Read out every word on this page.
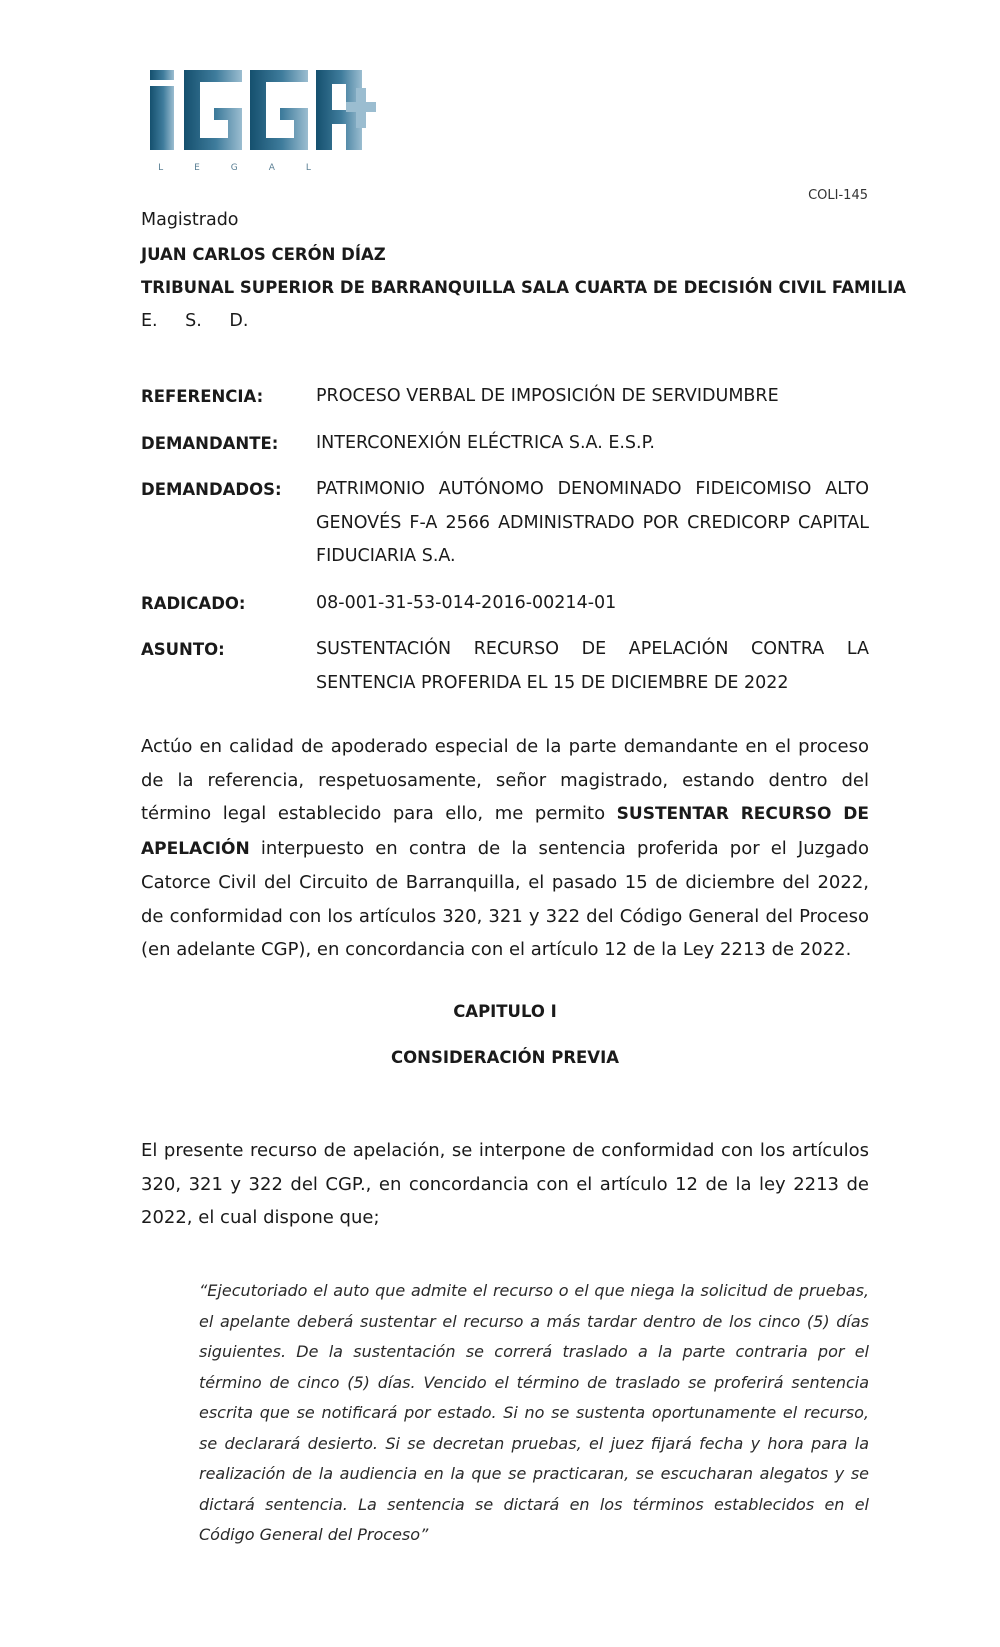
LEGAL
COLI-145
Magistrado
JUAN CARLOS CERÓN DÍAZ
TRIBUNAL SUPERIOR DE BARRANQUILLA SALA CUARTA DE DECISIÓN CIVIL FAMILIA
E. S. D.
REFERENCIA:	PROCESO VERBAL DE IMPOSICIÓN DE SERVIDUMBRE
DEMANDANTE:	INTERCONEXIÓN ELÉCTRICA S.A. E.S.P.
DEMANDADOS:	PATRIMONIO AUTÓNOMO DENOMINADO FIDEICOMISO ALTO GENOVÉS F-A 2566 ADMINISTRADO POR CREDICORP CAPITAL FIDUCIARIA S.A.
RADICADO:	08-001-31-53-014-2016-00214-01
ASUNTO:	SUSTENTACIÓN RECURSO DE APELACIÓN CONTRA LA SENTENCIA PROFERIDA EL 15 DE DICIEMBRE DE 2022
Actúo en calidad de apoderado especial de la parte demandante en el proceso de la referencia, respetuosamente, señor magistrado, estando dentro del término legal establecido para ello, me permito SUSTENTAR RECURSO DE APELACIÓN interpuesto en contra de la sentencia proferida por el Juzgado Catorce Civil del Circuito de Barranquilla, el pasado 15 de diciembre del 2022, de conformidad con los artículos 320, 321 y 322 del Código General del Proceso (en adelante CGP), en concordancia con el artículo 12 de la Ley 2213 de 2022.
CAPITULO I
CONSIDERACIÓN PREVIA
El presente recurso de apelación, se interpone de conformidad con los artículos 320, 321 y 322 del CGP., en concordancia con el artículo 12 de la ley 2213 de 2022, el cual dispone que;
“Ejecutoriado el auto que admite el recurso o el que niega la solicitud de pruebas, el apelante deberá sustentar el recurso a más tardar dentro de los cinco (5) días siguientes. De la sustentación se correrá traslado a la parte contraria por el término de cinco (5) días. Vencido el término de traslado se proferirá sentencia escrita que se notificará por estado. Si no se sustenta oportunamente el recurso, se declarará desierto. Si se decretan pruebas, el juez fijará fecha y hora para la realización de la audiencia en la que se practicaran, se escucharan alegatos y se dictará sentencia. La sentencia se dictará en los términos establecidos en el Código General del Proceso”
